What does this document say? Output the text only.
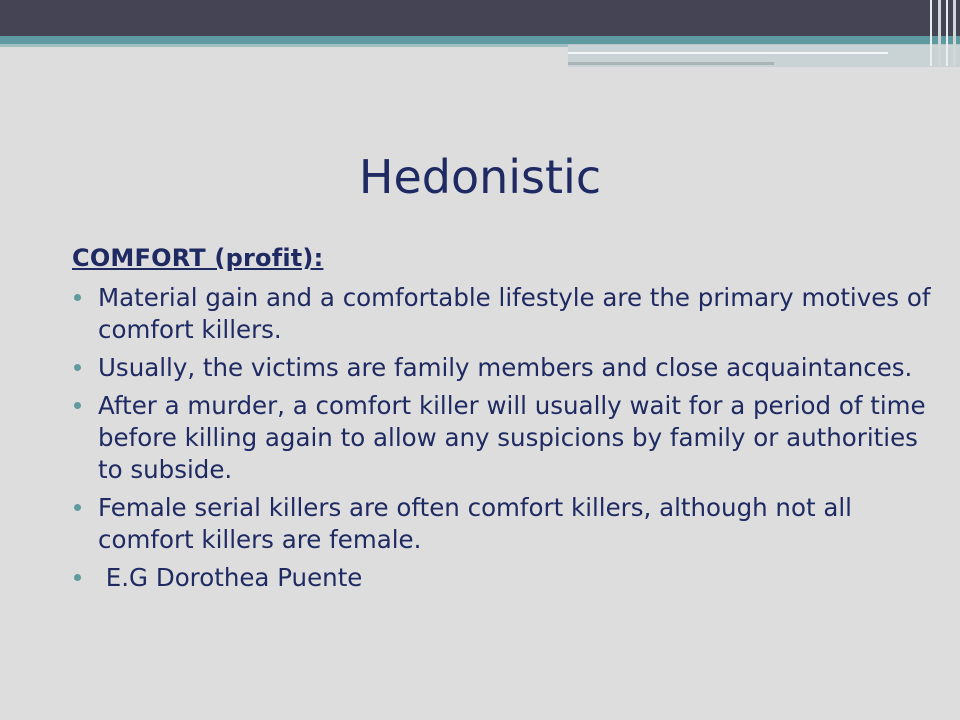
Hedonistic

COMFORT (profit):

Material gain and a comfortable lifestyle are the primary motives of comfort killers.
Usually, the victims are family members and close acquaintances.
After a murder, a comfort killer will usually wait for a period of time before killing again to allow any suspicions by family or authorities to subside.
Female serial killers are often comfort killers, although not all comfort killers are female.
E.G Dorothea Puente
